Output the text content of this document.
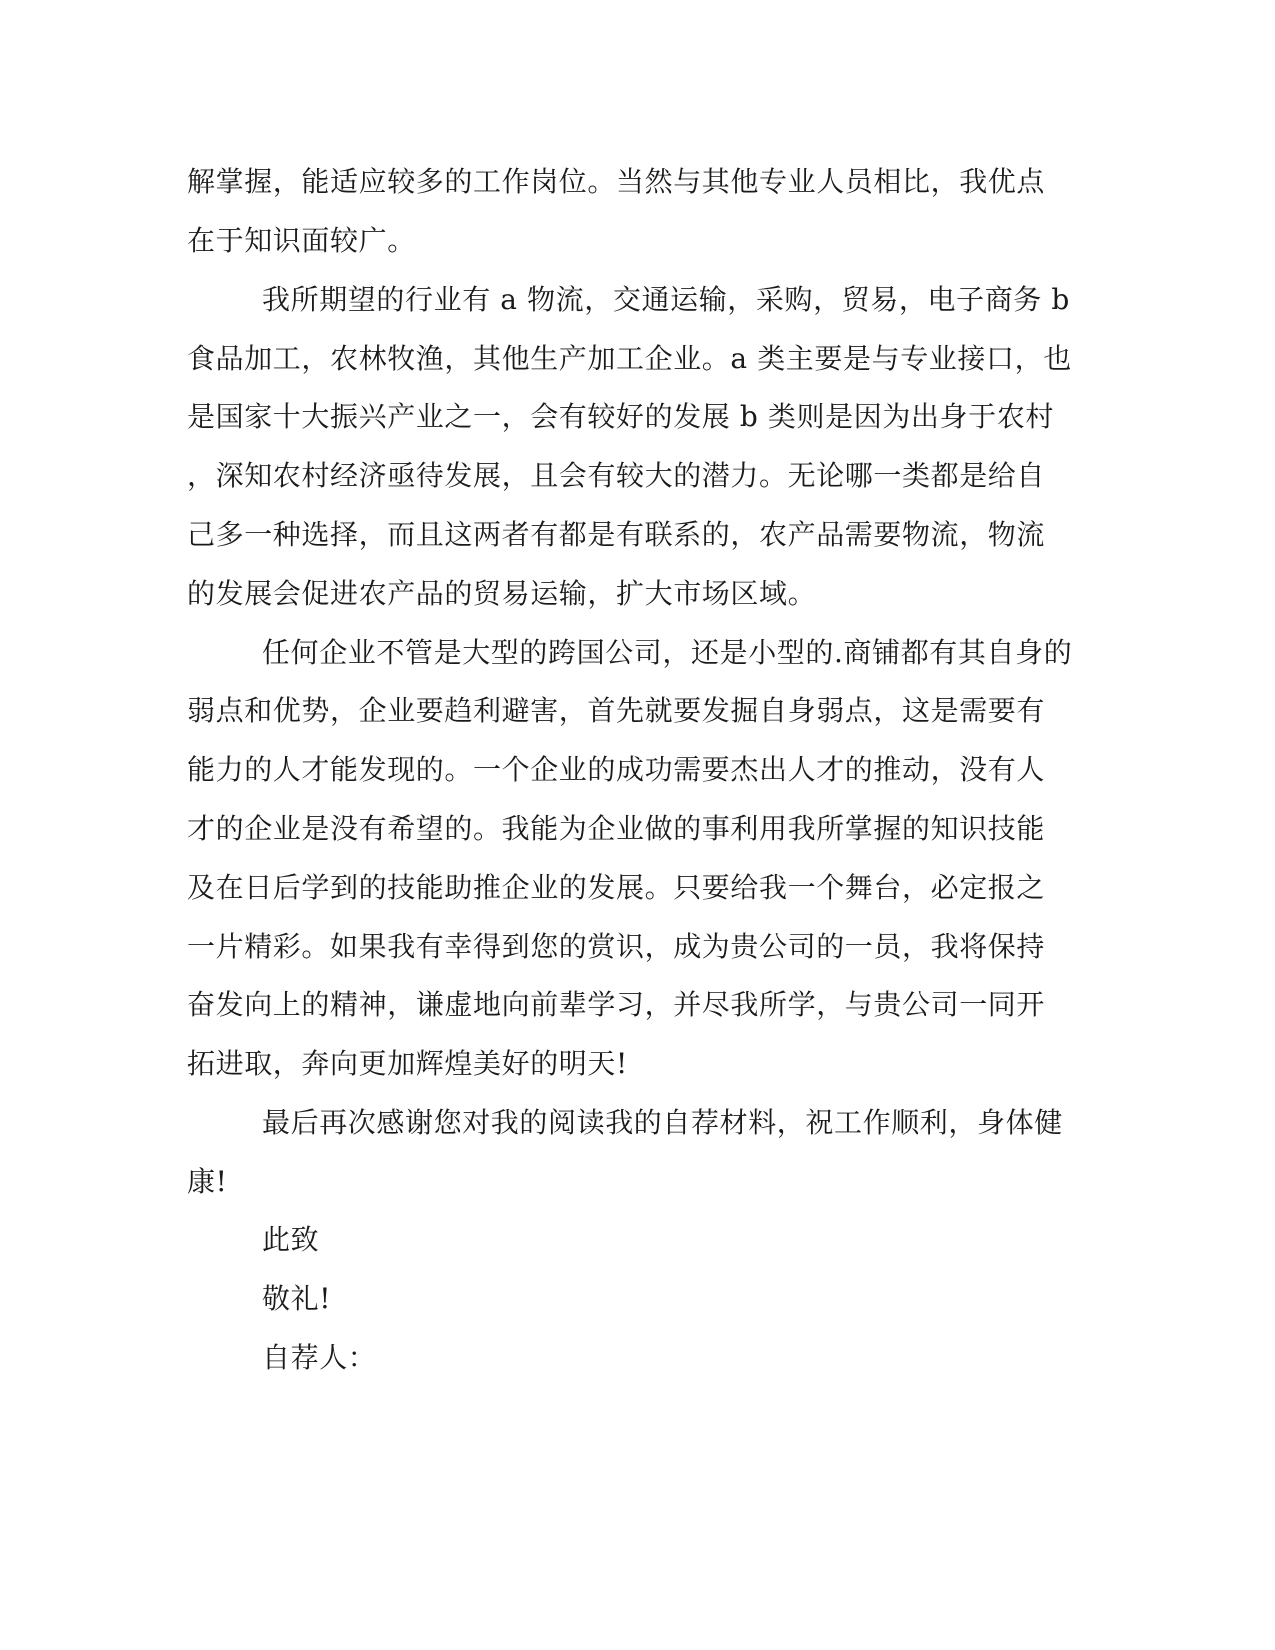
解掌握，能适应较多的工作岗位。当然与其他专业人员相比，我优点

在于知识面较广。

我所期望的行业有 a 物流，交通运输，采购，贸易，电子商务 b

食品加工，农林牧渔，其他生产加工企业。a 类主要是与专业接口，也

是国家十大振兴产业之一，会有较好的发展 b 类则是因为出身于农村

，深知农村经济亟待发展，且会有较大的潜力。无论哪一类都是给自

己多一种选择，而且这两者有都是有联系的，农产品需要物流，物流

的发展会促进农产品的贸易运输，扩大市场区域。

任何企业不管是大型的跨国公司，还是小型的.商铺都有其自身的

弱点和优势，企业要趋利避害，首先就要发掘自身弱点，这是需要有

能力的人才能发现的。一个企业的成功需要杰出人才的推动，没有人

才的企业是没有希望的。我能为企业做的事利用我所掌握的知识技能

及在日后学到的技能助推企业的发展。只要给我一个舞台，必定报之

一片精彩。如果我有幸得到您的赏识，成为贵公司的一员，我将保持

奋发向上的精神，谦虚地向前辈学习，并尽我所学，与贵公司一同开

拓进取，奔向更加辉煌美好的明天!

最后再次感谢您对我的阅读我的自荐材料，祝工作顺利，身体健

康!

此致

敬礼!

自荐人：
